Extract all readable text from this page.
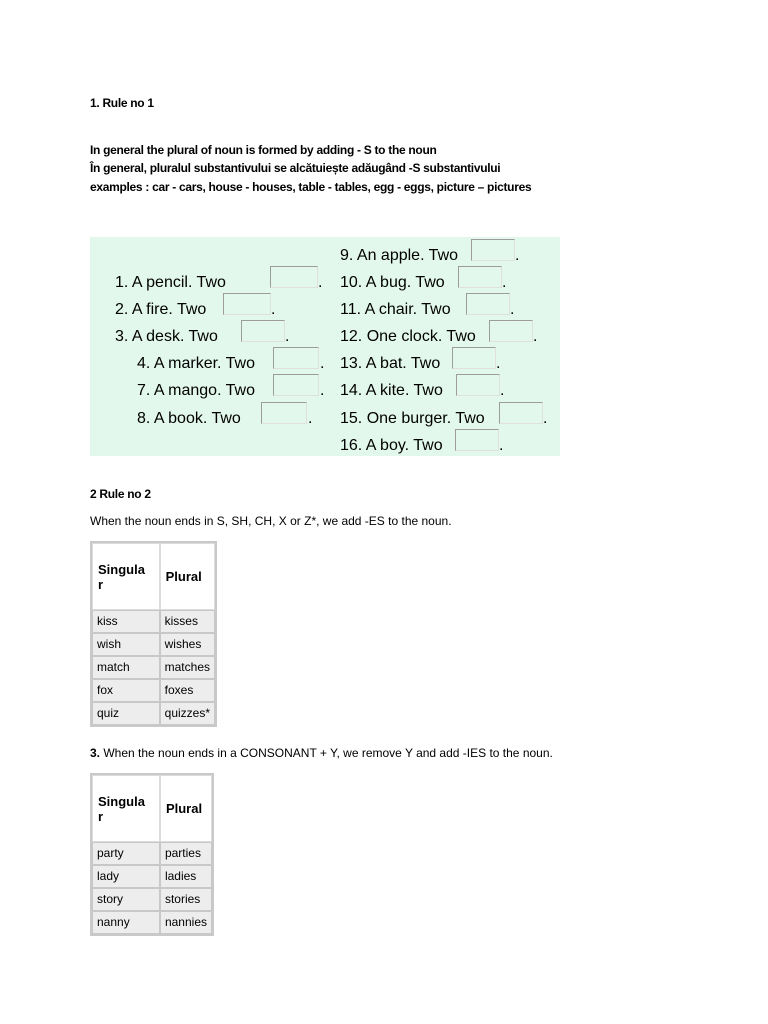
1. Rule no 1
In general the plural of noun is formed by adding - S to the noun
În general, pluralul substantivului se alcătuiește adăugând -S substantivului
examples : car - cars, house - houses, table - tables, egg - eggs, picture – pictures
1. A pencil. Two	.
2. A fire. Two	.
3. A desk. Two	.
4. A marker. Two	.
7. A mango. Two	.
8. A book. Two	.
9. An apple. Two	.
10. A bug. Two	.
11. A chair. Two	.
12. One clock. Two	.
13. A bat. Two	.
14. A kite. Two	.
15. One burger. Two	.
16. A boy. Two	.
2 Rule no 2
When the noun ends in S, SH, CH, X or Z*, we add -ES to the noun.
Singula
r	Plural
kiss	kisses
wish	wishes
match	matches
fox	foxes
quiz	quizzes*
3. When the noun ends in a CONSONANT + Y, we remove Y and add -IES to the noun.
Singula
r	Plural
party	parties
lady	ladies
story	stories
nanny	nannies
